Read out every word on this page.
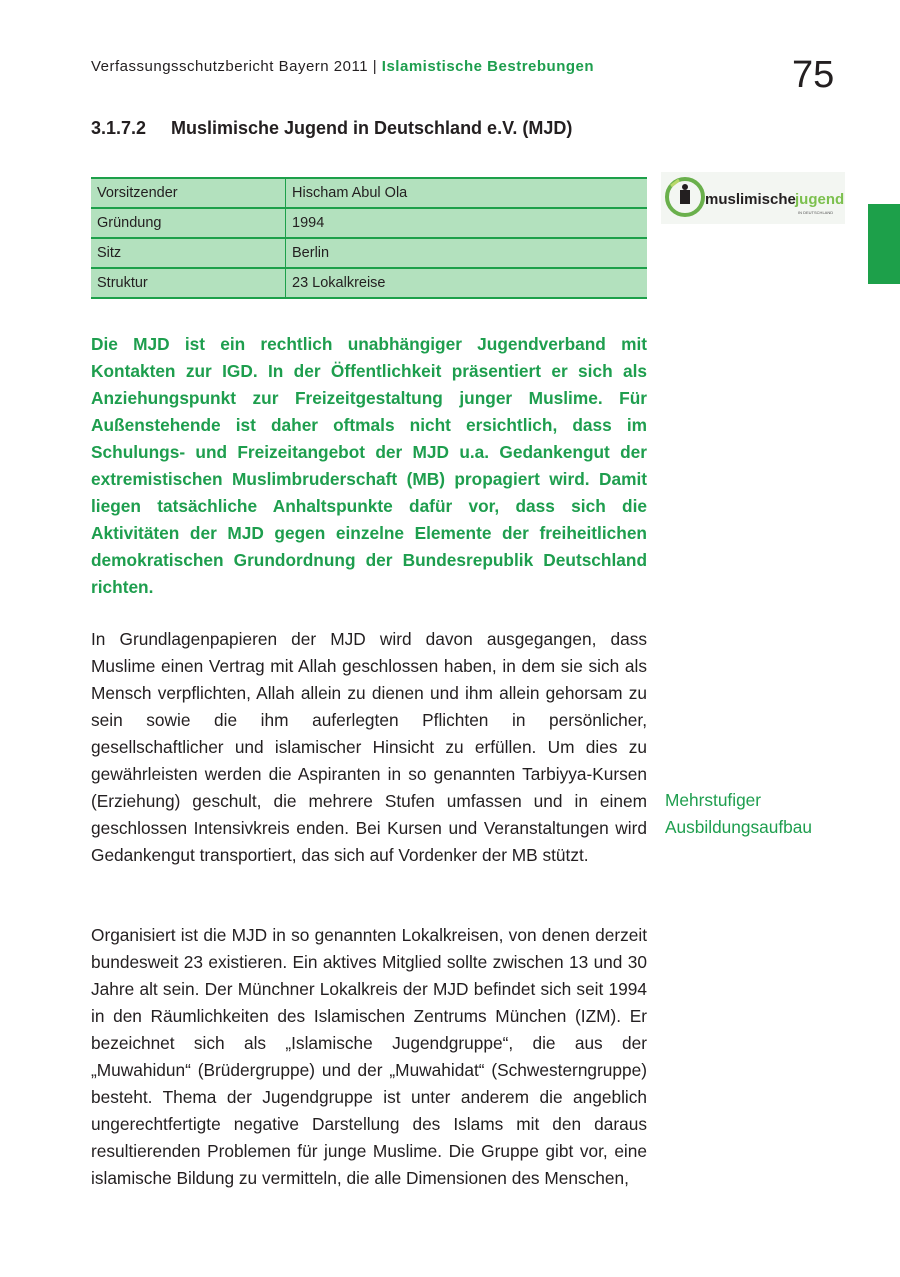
Verfassungsschutzbericht Bayern 2011 | Islamistische Bestrebungen	75
3.1.7.2 Muslimische Jugend in Deutschland e.V. (MJD)
Vorsitzender	Hischam Abul Ola
Gründung	1994
Sitz	Berlin
Struktur	23 Lokalkreise
muslimische jugend
IN DEUTSCHLAND

Die MJD ist ein rechtlich unabhängiger Jugendverband mit Kontakten zur IGD. In der Öffentlichkeit präsentiert er sich als Anziehungspunkt zur Freizeitgestaltung junger Muslime. Für Außenstehende ist daher oftmals nicht ersichtlich, dass im Schulungs- und Freizeitangebot der MJD u.a. Gedankengut der extremistischen Muslimbruderschaft (MB) propagiert wird. Damit liegen tatsächliche Anhaltspunkte dafür vor, dass sich die Aktivitäten der MJD gegen einzelne Elemente der freiheitlichen demokratischen Grundordnung der Bundesrepublik Deutschland richten.

In Grundlagenpapieren der MJD wird davon ausgegangen, dass Muslime einen Vertrag mit Allah geschlossen haben, in dem sie sich als Mensch verpflichten, Allah allein zu dienen und ihm allein gehorsam zu sein sowie die ihm auferlegten Pflichten in persönlicher, gesellschaftlicher und islamischer Hinsicht zu erfüllen. Um dies zu gewährleisten werden die Aspiranten in so genannten Tarbiyya-Kursen (Erziehung) geschult, die mehrere Stufen umfassen und in einem geschlossen Intensivkreis enden. Bei Kursen und Veranstaltungen wird Gedankengut transportiert, das sich auf Vordenker der MB stützt.

Mehrstufiger
Ausbildungsaufbau

Organisiert ist die MJD in so genannten Lokalkreisen, von denen derzeit bundesweit 23 existieren. Ein aktives Mitglied sollte zwischen 13 und 30 Jahre alt sein. Der Münchner Lokalkreis der MJD befindet sich seit 1994 in den Räumlichkeiten des Islamischen Zentrums München (IZM). Er bezeichnet sich als „Islamische Jugendgruppe“, die aus der „Muwahidun“ (Brüdergruppe) und der „Muwahidat“ (Schwesterngruppe) besteht. Thema der Jugendgruppe ist unter anderem die angeblich ungerechtfertigte negative Darstellung des Islams mit den daraus resultierenden Problemen für junge Muslime. Die Gruppe gibt vor, eine islamische Bildung zu vermitteln, die alle Dimensionen des Menschen,
